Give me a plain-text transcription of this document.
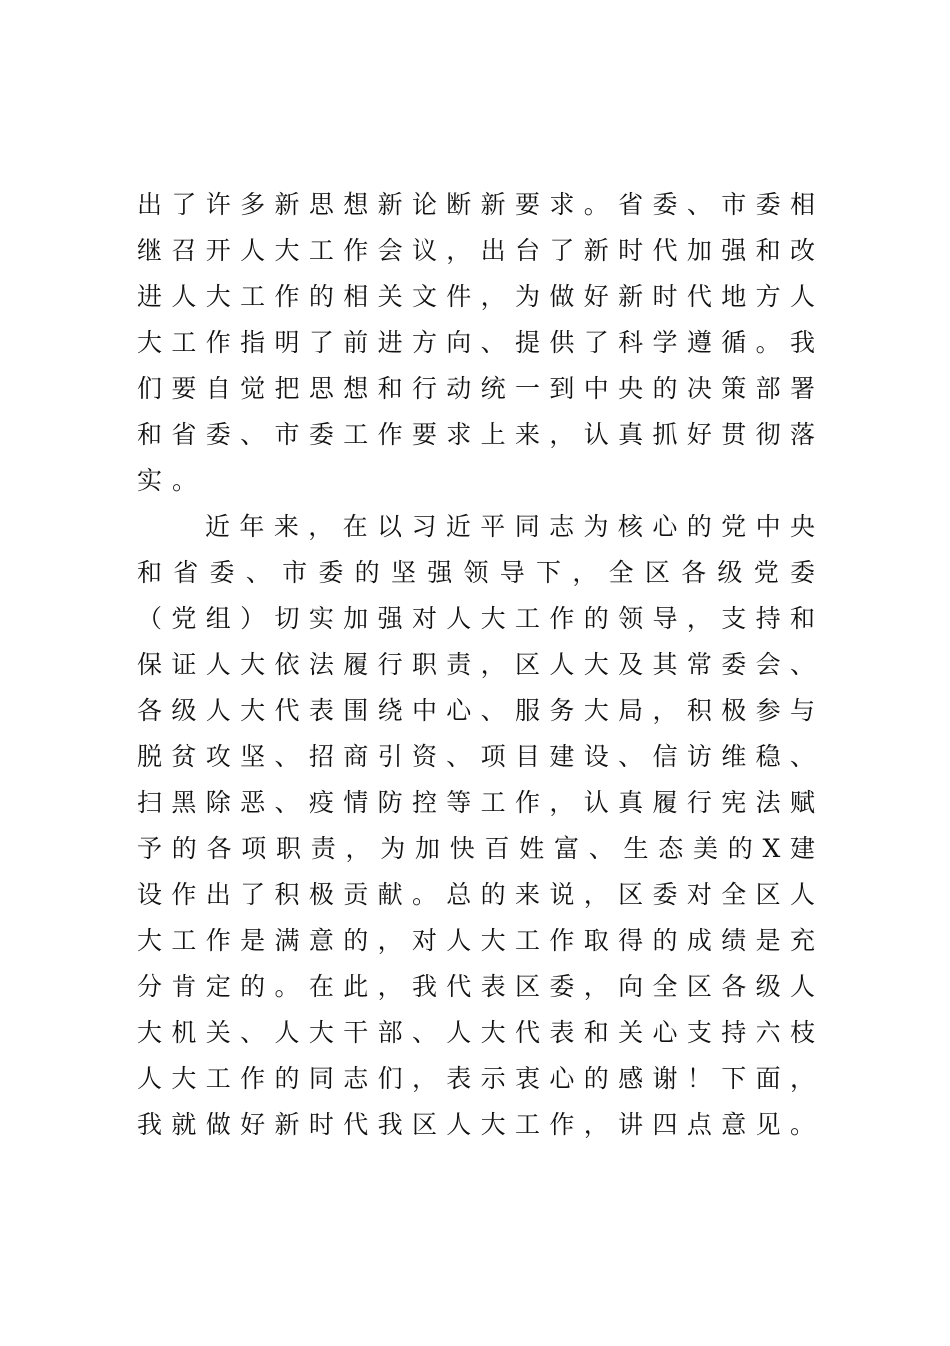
出了许多新思想新论断新要求。省委、市委相
继召开人大工作会议，出台了新时代加强和改
进人大工作的相关文件，为做好新时代地方人
大工作指明了前进方向、提供了科学遵循。我
们要自觉把思想和行动统一到中央的决策部署
和省委、市委工作要求上来，认真抓好贯彻落
实。
近年来，在以习近平同志为核心的党中央
和省委、市委的坚强领导下，全区各级党委
（党组）切实加强对人大工作的领导，支持和
保证人大依法履行职责，区人大及其常委会、
各级人大代表围绕中心、服务大局，积极参与
脱贫攻坚、招商引资、项目建设、信访维稳、
扫黑除恶、疫情防控等工作，认真履行宪法赋
予的各项职责，为加快百姓富、生态美的X建
设作出了积极贡献。总的来说，区委对全区人
大工作是满意的，对人大工作取得的成绩是充
分肯定的。在此，我代表区委，向全区各级人
大机关、人大干部、人大代表和关心支持六枝
人大工作的同志们，表示衷心的感谢！下面，
我就做好新时代我区人大工作，讲四点意见。
